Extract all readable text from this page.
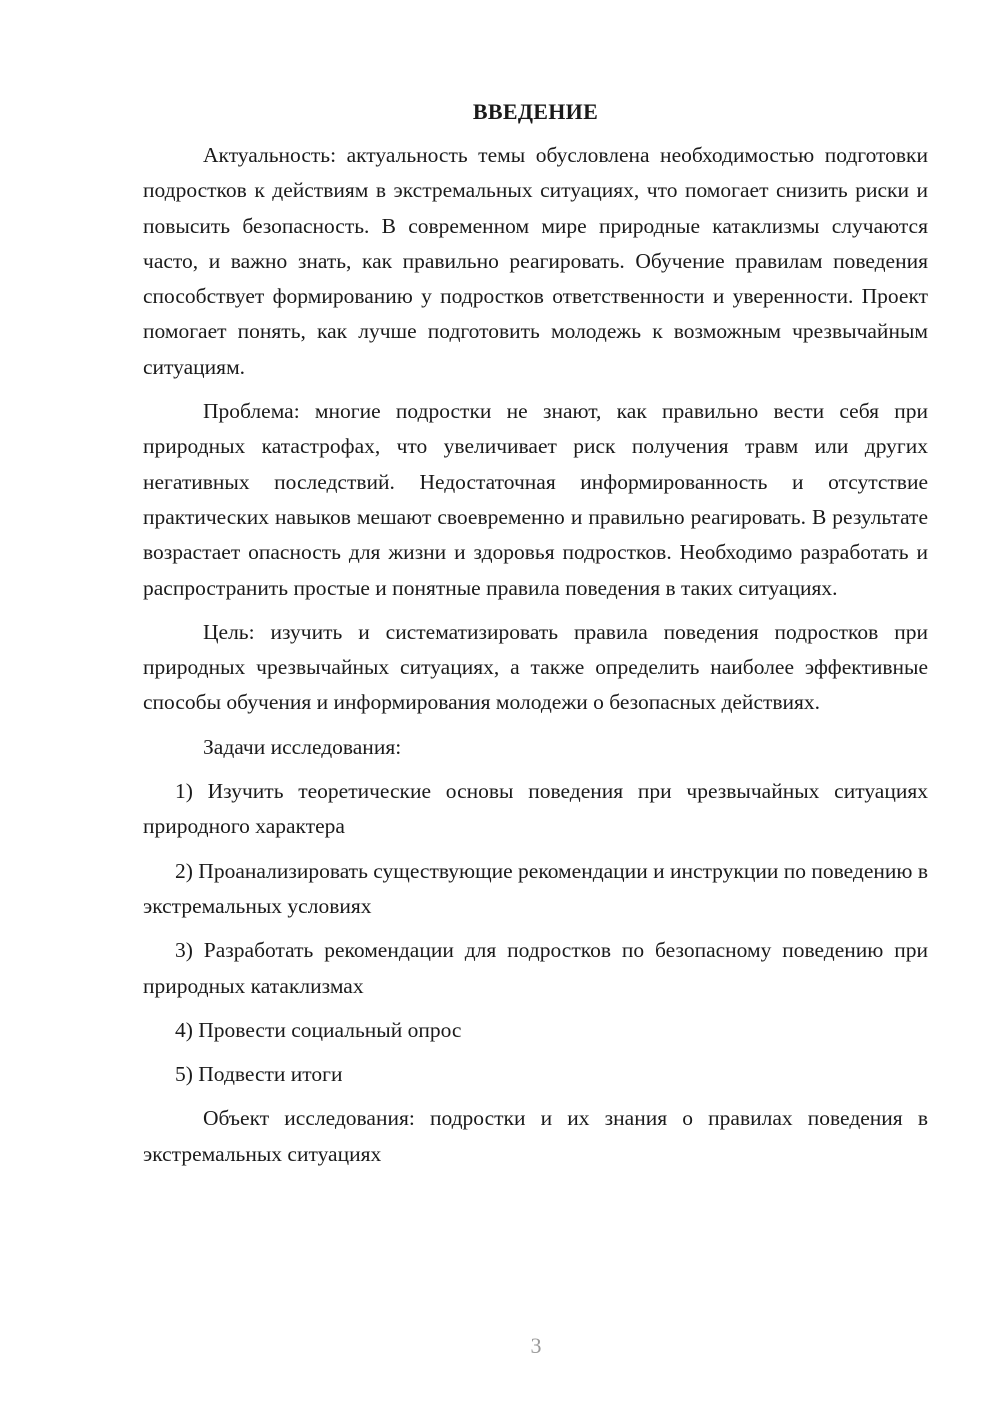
ВВЕДЕНИЕ

Актуальность: актуальность темы обусловлена необходимостью подготовки подростков к действиям в экстремальных ситуациях, что помогает снизить риски и повысить безопасность. В современном мире природные катаклизмы случаются часто, и важно знать, как правильно реагировать. Обучение правилам поведения способствует формированию у подростков ответственности и уверенности. Проект помогает понять, как лучше подготовить молодежь к возможным чрезвычайным ситуациям.

Проблема: многие подростки не знают, как правильно вести себя при природных катастрофах, что увеличивает риск получения травм или других негативных последствий. Недостаточная информированность и отсутствие практических навыков мешают своевременно и правильно реагировать. В результате возрастает опасность для жизни и здоровья подростков. Необходимо разработать и распространить простые и понятные правила поведения в таких ситуациях.

Цель: изучить и систематизировать правила поведения подростков при природных чрезвычайных ситуациях, а также определить наиболее эффективные способы обучения и информирования молодежи о безопасных действиях.

Задачи исследования:

1) Изучить теоретические основы поведения при чрезвычайных ситуациях природного характера

2) Проанализировать существующие рекомендации и инструкции по поведению в экстремальных условиях

3) Разработать рекомендации для подростков по безопасному поведению при природных катаклизмах

4) Провести социальный опрос

5) Подвести итоги

Объект исследования: подростки и их знания о правилах поведения в экстремальных ситуациях

3
